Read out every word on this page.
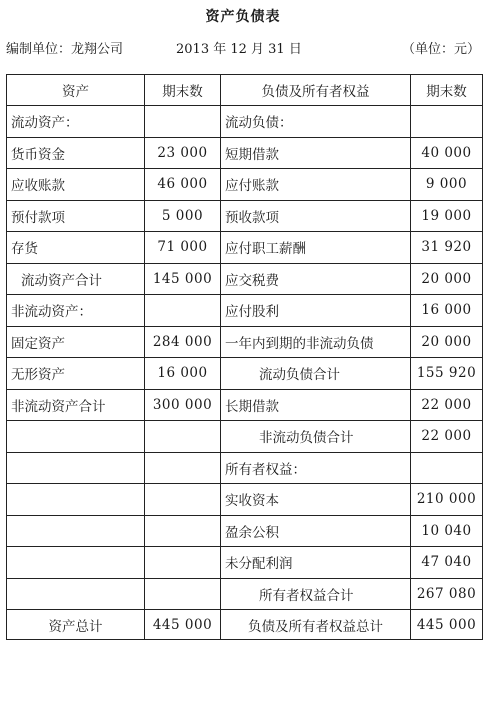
资产负债表
编制单位：龙翔公司	2013 年 12 月 31 日	（单位：元）
资产	期末数	负债及所有者权益	期末数
流动资产：		流动负债：	
货币资金	23 000	短期借款	40 000
应收账款	46 000	应付账款	9 000
预付款项	5 000	预收款项	19 000
存货	71 000	应付职工薪酬	31 920
流动资产合计	145 000	应交税费	20 000
非流动资产：		应付股利	16 000
固定资产	284 000	一年内到期的非流动负债	20 000
无形资产	16 000	流动负债合计	155 920
非流动资产合计	300 000	长期借款	22 000
		非流动负债合计	22 000
		所有者权益：	
		实收资本	210 000
		盈余公积	10 040
		未分配利润	47 040
		所有者权益合计	267 080
资产总计	445 000	负债及所有者权益总计	445 000
